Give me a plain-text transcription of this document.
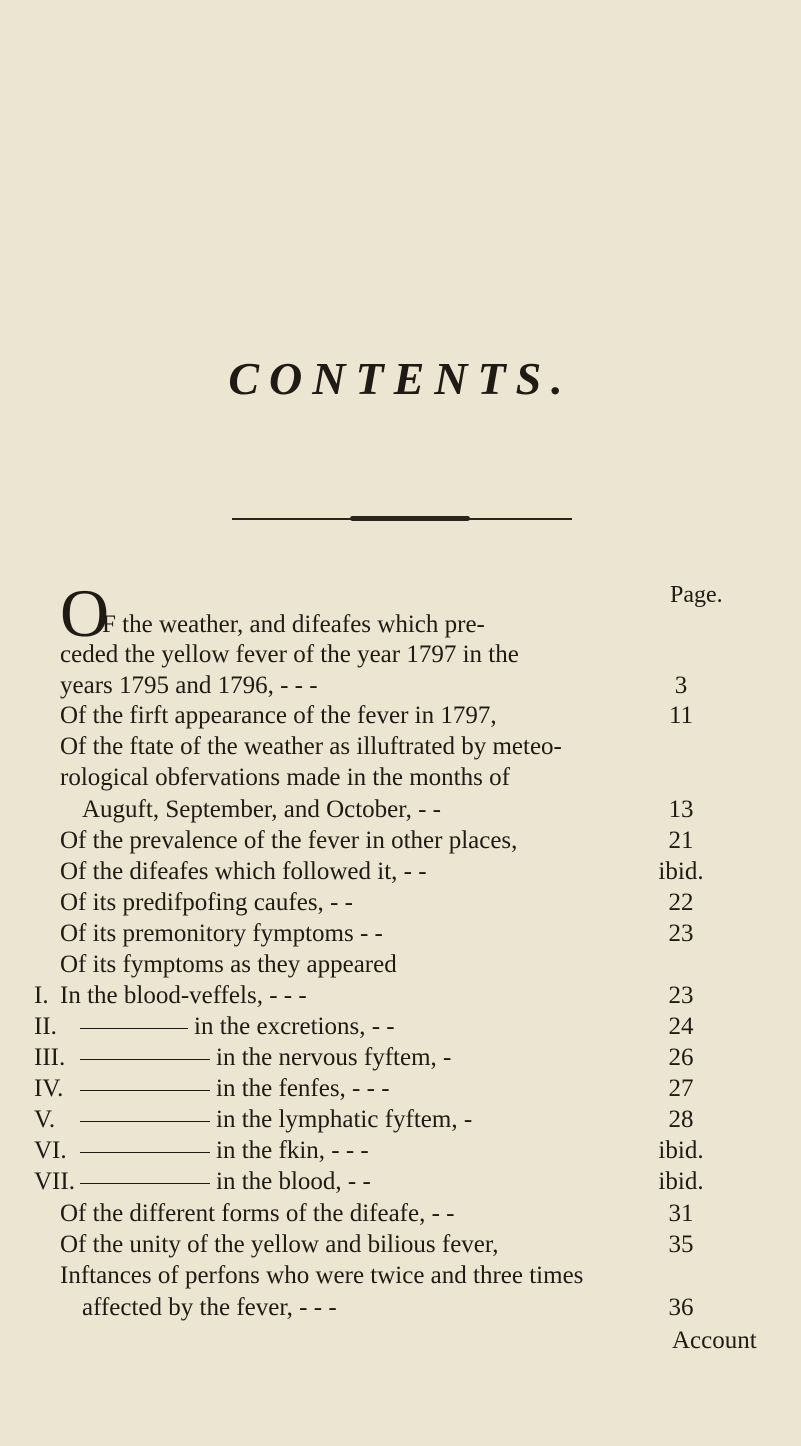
CONTENTS.
Page.
O
F the weather, and difeafes which pre-
ceded the yellow fever of the year 1797 in the
years 1795 and 1796, - - -	3
Of the firft appearance of the fever in 1797,	11
Of the ftate of the weather as illuftrated by meteo-
rological obfervations made in the months of
Auguft, September, and October, - -	13
Of the prevalence of the fever in other places,	21
Of the difeafes which followed it, - -	ibid.
Of its predifpofing caufes, - -	22
Of its premonitory fymptoms - -	23
Of its fymptoms as they appeared
I. In the blood-veffels, - - -	23
II.	in the excretions, - -	24
III.	in the nervous fyftem, -	26
IV.	in the fenfes, - - -	27
V.	in the lymphatic fyftem, -	28
VI.	in the fkin, - - -	ibid.
VII.	in the blood, - -	ibid.
Of the different forms of the difeafe, - -	31
Of the unity of the yellow and bilious fever,	35
Inftances of perfons who were twice and three times
affected by the fever, - - -	36
Account
